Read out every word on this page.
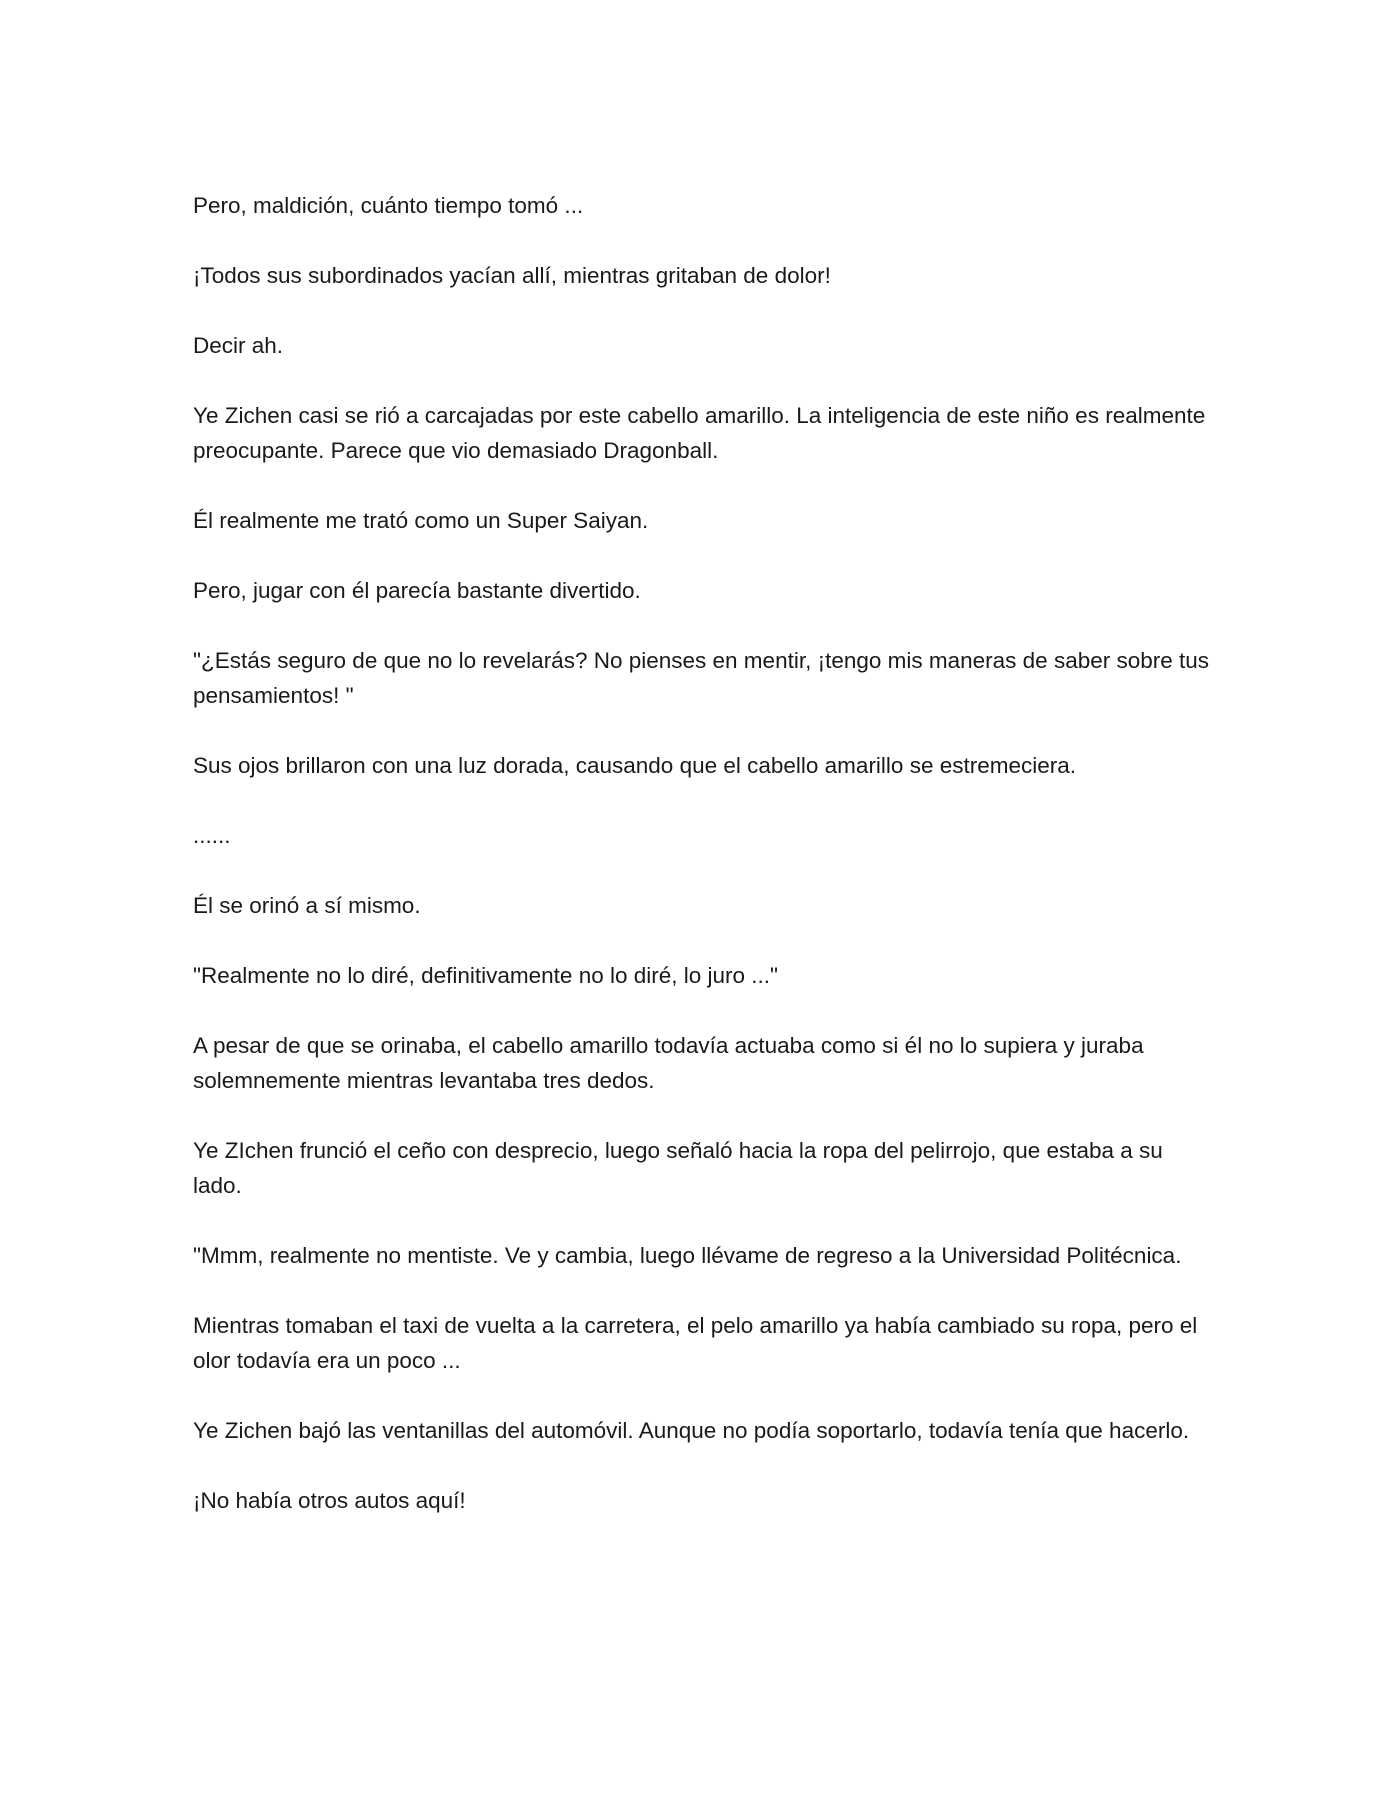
Pero, maldición, cuánto tiempo tomó ...

¡Todos sus subordinados yacían allí, mientras gritaban de dolor!

Decir ah.

Ye Zichen casi se rió a carcajadas por este cabello amarillo. La inteligencia de este niño es realmente preocupante. Parece que vio demasiado Dragonball.

Él realmente me trató como un Super Saiyan.

Pero, jugar con él parecía bastante divertido.

"¿Estás seguro de que no lo revelarás? No pienses en mentir, ¡tengo mis maneras de saber sobre tus pensamientos! "

Sus ojos brillaron con una luz dorada, causando que el cabello amarillo se estremeciera.

......

Él se orinó a sí mismo.

"Realmente no lo diré, definitivamente no lo diré, lo juro ..."

A pesar de que se orinaba, el cabello amarillo todavía actuaba como si él no lo supiera y juraba solemnemente mientras levantaba tres dedos.

Ye ZIchen frunció el ceño con desprecio, luego señaló hacia la ropa del pelirrojo, que estaba a su lado.

"Mmm, realmente no mentiste. Ve y cambia, luego llévame de regreso a la Universidad Politécnica.

Mientras tomaban el taxi de vuelta a la carretera, el pelo amarillo ya había cambiado su ropa, pero el olor todavía era un poco ...

Ye Zichen bajó las ventanillas del automóvil. Aunque no podía soportarlo, todavía tenía que hacerlo.

¡No había otros autos aquí!
